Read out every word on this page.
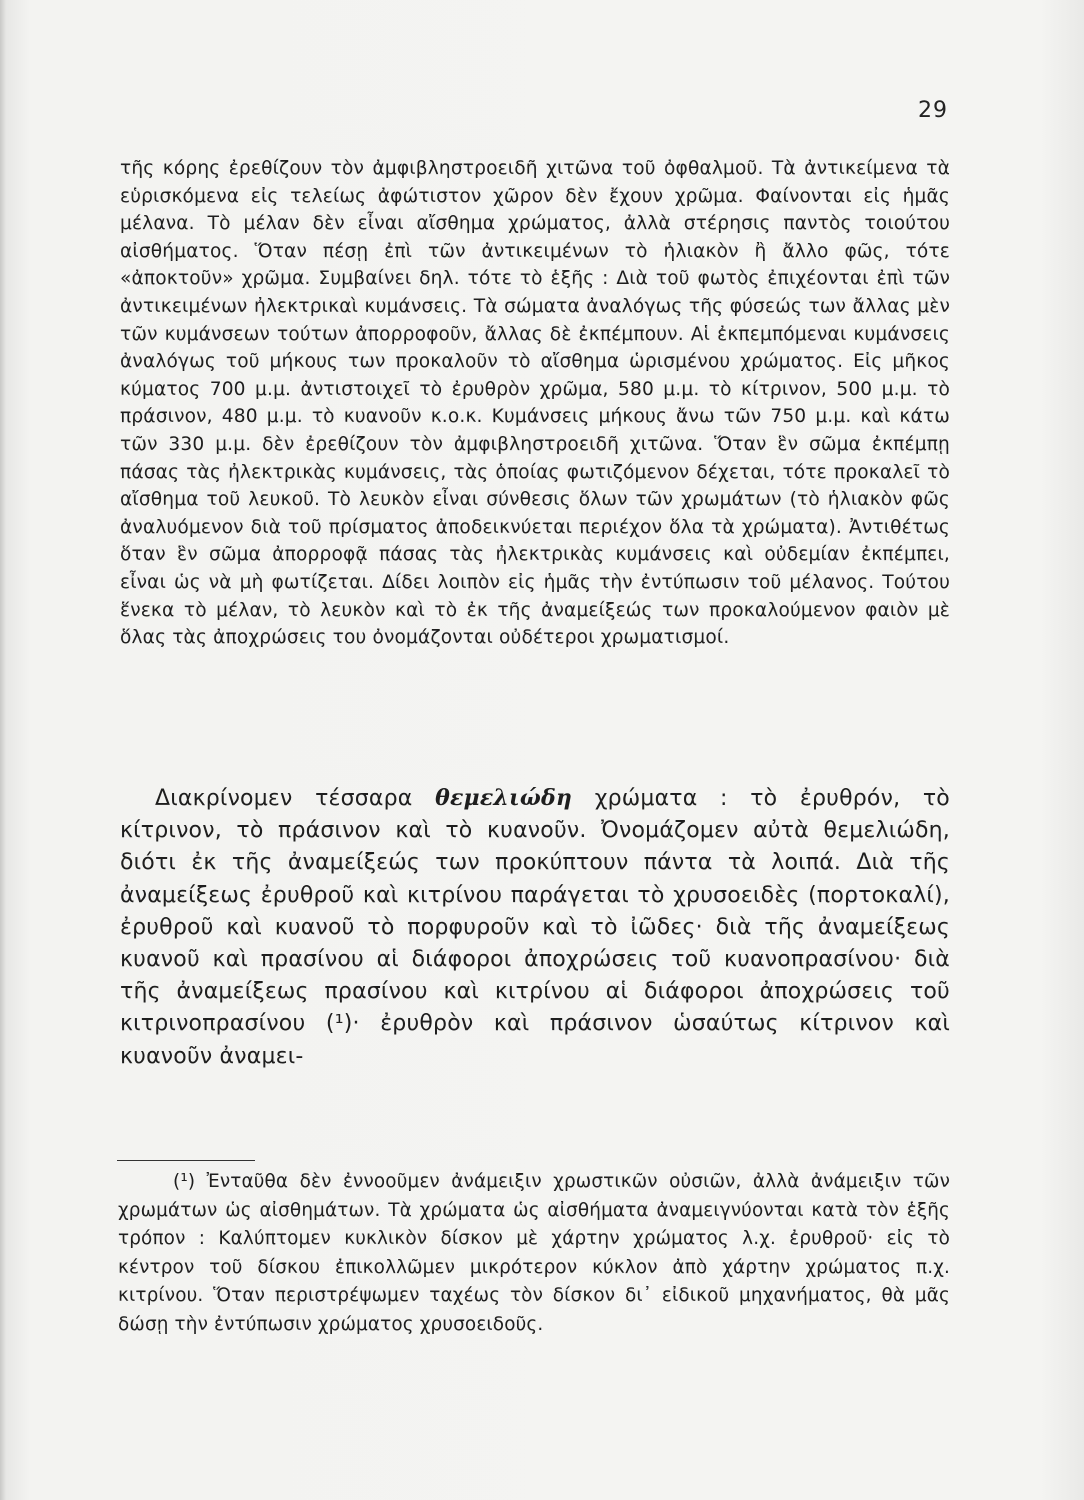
29

τῆς κόρης ἐρεθίζουν τὸν ἀμφιβληστροειδῆ χιτῶνα τοῦ ὀφθαλμοῦ. Τὰ ἀντικείμενα τὰ εὑρισκόμενα εἰς τελείως ἀφώτιστον χῶρον δὲν ἔχουν χρῶμα. Φαίνονται εἰς ἡμᾶς μέλανα. Τὸ μέλαν δὲν εἶναι αἴσθημα χρώματος, ἀλλὰ στέρησις παντὸς τοιούτου αἰσθήματος. Ὅταν πέσῃ ἐπὶ τῶν ἀντικειμένων τὸ ἡλιακὸν ἢ ἄλλο φῶς, τότε «ἀποκτοῦν» χρῶμα. Συμβαίνει δηλ. τότε τὸ ἑξῆς : Διὰ τοῦ φωτὸς ἐπιχέονται ἐπὶ τῶν ἀντικειμένων ἠλεκτρικαὶ κυμάνσεις. Τὰ σώματα ἀναλόγως τῆς φύσεώς των ἄλλας μὲν τῶν κυμάνσεων τούτων ἀπορροφοῦν, ἄλλας δὲ ἐκπέμπουν. Αἱ ἐκπεμπόμεναι κυμάνσεις ἀναλόγως τοῦ μήκους των προκαλοῦν τὸ αἴσθημα ὡρισμένου χρώματος. Εἰς μῆκος κύματος 700 μ.μ. ἀντιστοιχεῖ τὸ ἐρυθρὸν χρῶμα, 580 μ.μ. τὸ κίτρινον, 500 μ.μ. τὸ πράσινον, 480 μ.μ. τὸ κυανοῦν κ.ο.κ. Κυμάνσεις μήκους ἄνω τῶν 750 μ.μ. καὶ κάτω τῶν 330 μ.μ. δὲν ἐρεθίζουν τὸν ἀμφιβληστροειδῆ χιτῶνα. Ὅταν ἓν σῶμα ἐκπέμπῃ πάσας τὰς ἠλεκτρικὰς κυμάνσεις, τὰς ὁποίας φωτιζόμενον δέχεται, τότε προκαλεῖ τὸ αἴσθημα τοῦ λευκοῦ. Τὸ λευκὸν εἶναι σύνθεσις ὅλων τῶν χρωμάτων (τὸ ἡλιακὸν φῶς ἀναλυόμενον διὰ τοῦ πρίσματος ἀποδεικνύεται περιέχον ὅλα τὰ χρώματα). Ἀντιθέτως ὅταν ἓν σῶμα ἀπορροφᾷ πάσας τὰς ἠλεκτρικὰς κυμάνσεις καὶ οὐδεμίαν ἐκπέμπει, εἶναι ὡς νὰ μὴ φωτίζεται. Δίδει λοιπὸν εἰς ἡμᾶς τὴν ἐντύπωσιν τοῦ μέλανος. Τούτου ἕνεκα τὸ μέλαν, τὸ λευκὸν καὶ τὸ ἐκ τῆς ἀναμείξεώς των προκαλούμενον φαιὸν μὲ ὅλας τὰς ἀποχρώσεις του ὀνομάζονται οὐδέτεροι χρωματισμοί.

Διακρίνομεν τέσσαρα θεμελιώδη χρώματα : τὸ ἐρυθρόν, τὸ κίτρινον, τὸ πράσινον καὶ τὸ κυανοῦν. Ὀνομάζομεν αὐτὰ θεμελιώδη, διότι ἐκ τῆς ἀναμείξεώς των προκύπτουν πάντα τὰ λοιπά. Διὰ τῆς ἀναμείξεως ἐρυθροῦ καὶ κιτρίνου παράγεται τὸ χρυσοειδὲς (πορτοκαλί), ἐρυθροῦ καὶ κυανοῦ τὸ πορφυροῦν καὶ τὸ ἰῶδες· διὰ τῆς ἀναμείξεως κυανοῦ καὶ πρασίνου αἱ διάφοροι ἀποχρώσεις τοῦ κυανοπρασίνου· διὰ τῆς ἀναμείξεως πρασίνου καὶ κιτρίνου αἱ διάφοροι ἀποχρώσεις τοῦ κιτρινοπρασίνου (¹)· ἐρυθρὸν καὶ πράσινον ὡσαύτως κίτρινον καὶ κυανοῦν ἀναμει-

(¹) Ἐνταῦθα δὲν ἐννοοῦμεν ἀνάμειξιν χρωστικῶν οὐσιῶν, ἀλλὰ ἀνάμειξιν τῶν χρωμάτων ὡς αἰσθημάτων. Τὰ χρώματα ὡς αἰσθήματα ἀναμειγνύονται κατὰ τὸν ἑξῆς τρόπον : Καλύπτομεν κυκλικὸν δίσκον μὲ χάρτην χρώματος λ.χ. ἐρυθροῦ· εἰς τὸ κέντρον τοῦ δίσκου ἐπικολλῶμεν μικρότερον κύκλον ἀπὸ χάρτην χρώματος π.χ. κιτρίνου. Ὅταν περιστρέψωμεν ταχέως τὸν δίσκον δι᾽ εἰδικοῦ μηχανήματος, θὰ μᾶς δώσῃ τὴν ἐντύπωσιν χρώματος χρυσοειδοῦς.
